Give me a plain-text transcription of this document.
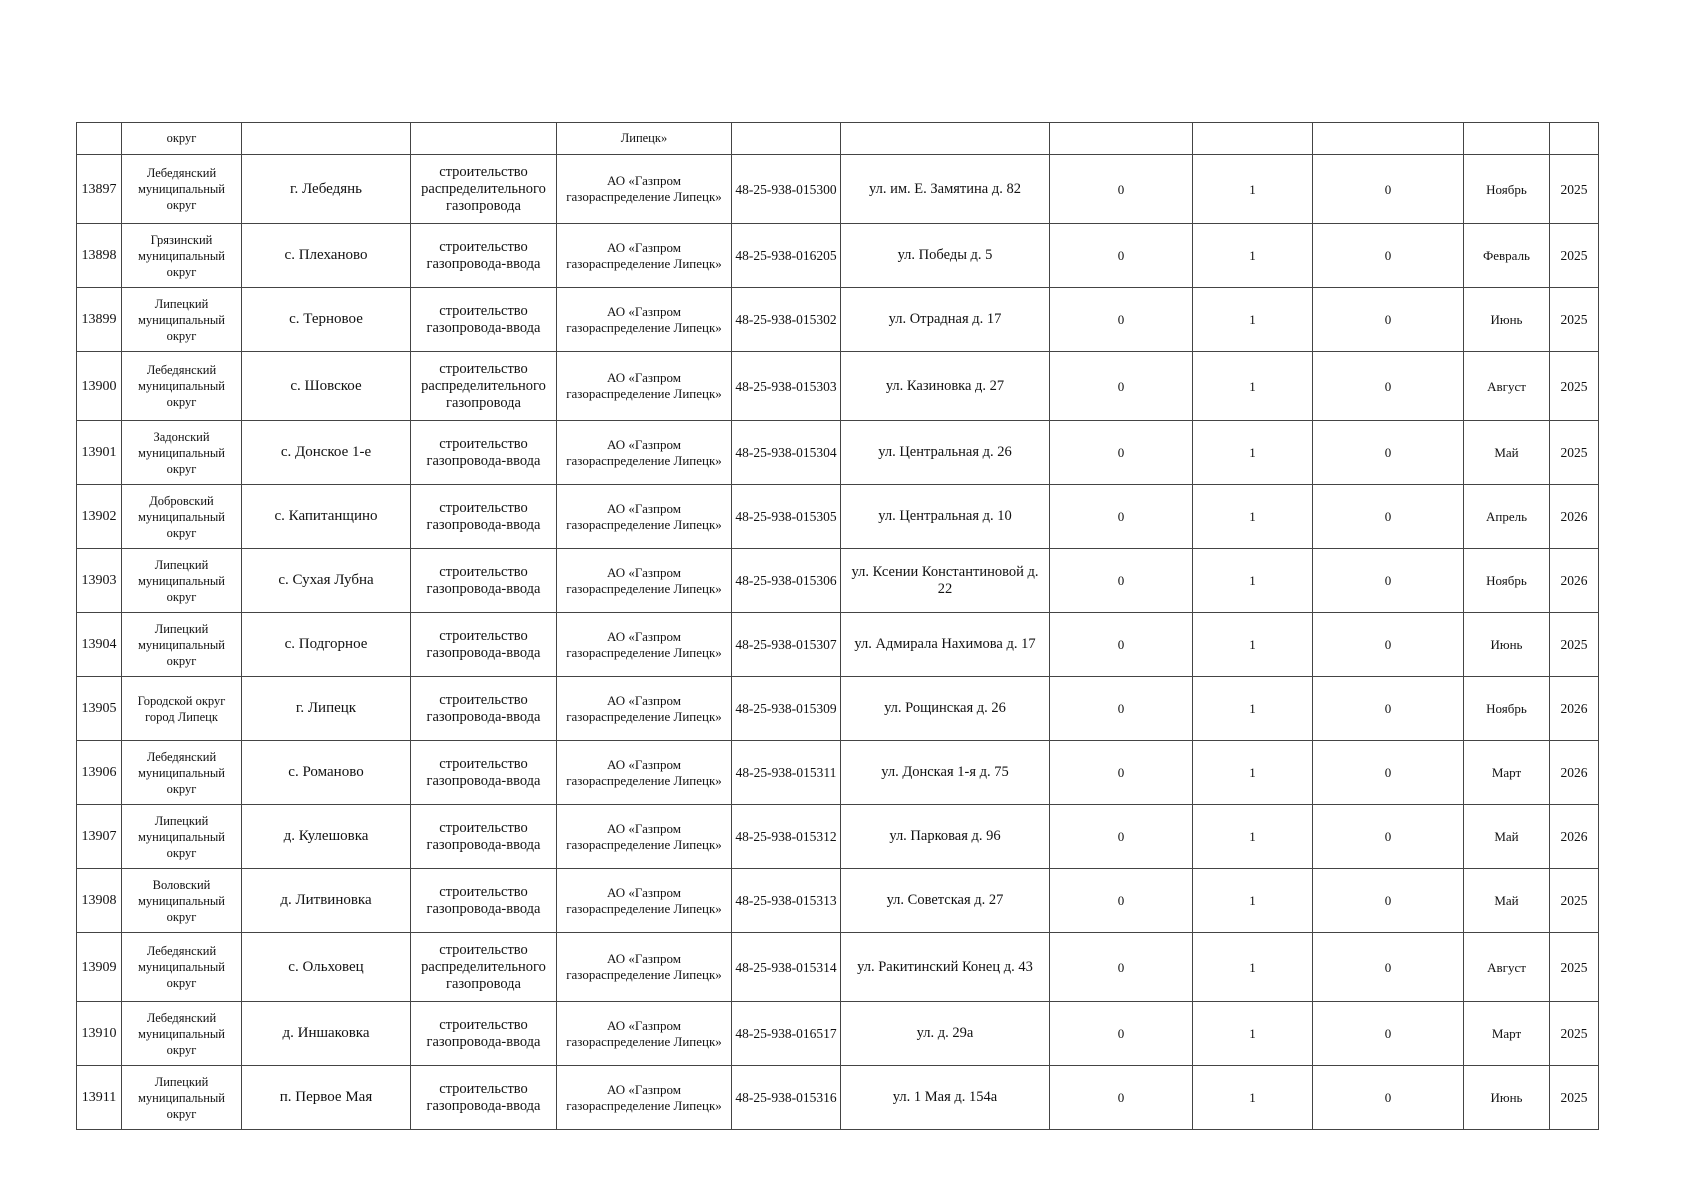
	округ			Липецк»							
13897	Лебедянский муниципальный округ	г. Лебедянь	строительство распределительного газопровода	АО «Газпром газораспределение Липецк»	48-25-938-015300	ул. им. Е. Замятина д. 82	0	1	0	Ноябрь	2025
13898	Грязинский муниципальный округ	с. Плеханово	строительство газопровода-ввода	АО «Газпром газораспределение Липецк»	48-25-938-016205	ул. Победы д. 5	0	1	0	Февраль	2025
13899	Липецкий муниципальный округ	с. Терновое	строительство газопровода-ввода	АО «Газпром газораспределение Липецк»	48-25-938-015302	ул. Отрадная д. 17	0	1	0	Июнь	2025
13900	Лебедянский муниципальный округ	с. Шовское	строительство распределительного газопровода	АО «Газпром газораспределение Липецк»	48-25-938-015303	ул. Казиновка д. 27	0	1	0	Август	2025
13901	Задонский муниципальный округ	с. Донское 1-е	строительство газопровода-ввода	АО «Газпром газораспределение Липецк»	48-25-938-015304	ул. Центральная д. 26	0	1	0	Май	2025
13902	Добровский муниципальный округ	с. Капитанщино	строительство газопровода-ввода	АО «Газпром газораспределение Липецк»	48-25-938-015305	ул. Центральная д. 10	0	1	0	Апрель	2026
13903	Липецкий муниципальный округ	с. Сухая Лубна	строительство газопровода-ввода	АО «Газпром газораспределение Липецк»	48-25-938-015306	ул. Ксении Константиновой д. 22	0	1	0	Ноябрь	2026
13904	Липецкий муниципальный округ	с. Подгорное	строительство газопровода-ввода	АО «Газпром газораспределение Липецк»	48-25-938-015307	ул. Адмирала Нахимова д. 17	0	1	0	Июнь	2025
13905	Городской округ город Липецк	г. Липецк	строительство газопровода-ввода	АО «Газпром газораспределение Липецк»	48-25-938-015309	ул. Рощинская д. 26	0	1	0	Ноябрь	2026
13906	Лебедянский муниципальный округ	с. Романово	строительство газопровода-ввода	АО «Газпром газораспределение Липецк»	48-25-938-015311	ул. Донская 1-я д. 75	0	1	0	Март	2026
13907	Липецкий муниципальный округ	д. Кулешовка	строительство газопровода-ввода	АО «Газпром газораспределение Липецк»	48-25-938-015312	ул. Парковая д. 96	0	1	0	Май	2026
13908	Воловский муниципальный округ	д. Литвиновка	строительство газопровода-ввода	АО «Газпром газораспределение Липецк»	48-25-938-015313	ул. Советская д. 27	0	1	0	Май	2025
13909	Лебедянский муниципальный округ	с. Ольховец	строительство распределительного газопровода	АО «Газпром газораспределение Липецк»	48-25-938-015314	ул. Ракитинский Конец д. 43	0	1	0	Август	2025
13910	Лебедянский муниципальный округ	д. Иншаковка	строительство газопровода-ввода	АО «Газпром газораспределение Липецк»	48-25-938-016517	ул. д. 29а	0	1	0	Март	2025
13911	Липецкий муниципальный округ	п. Первое Мая	строительство газопровода-ввода	АО «Газпром газораспределение Липецк»	48-25-938-015316	ул. 1 Мая д. 154а	0	1	0	Июнь	2025
